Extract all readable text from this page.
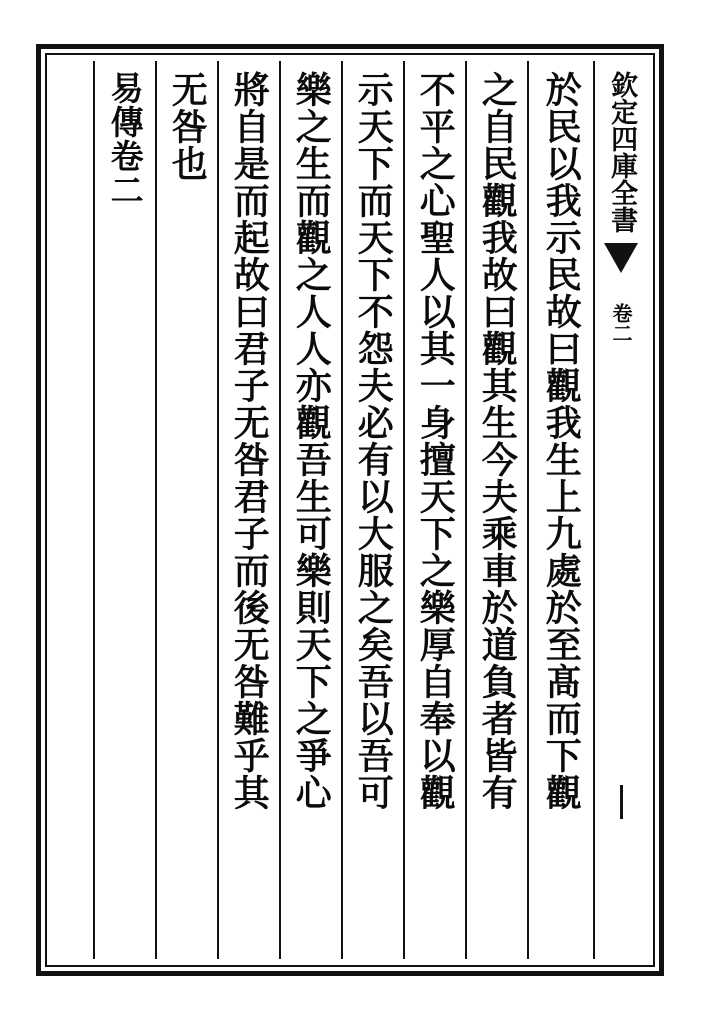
欽定四庫全書
卷二
於民以我示民故曰觀我生上九處於至髙而下觀
之自民觀我故曰觀其生今夫乘車於道負者皆有
不平之心聖人以其一身擅天下之樂厚自奉以觀
示天下而天下不怨夫必有以大服之矣吾以吾可
樂之生而觀之人人亦觀吾生可樂則天下之爭心
將自是而起故曰君子无咎君子而後无咎難乎其
无咎也
易傳卷二
